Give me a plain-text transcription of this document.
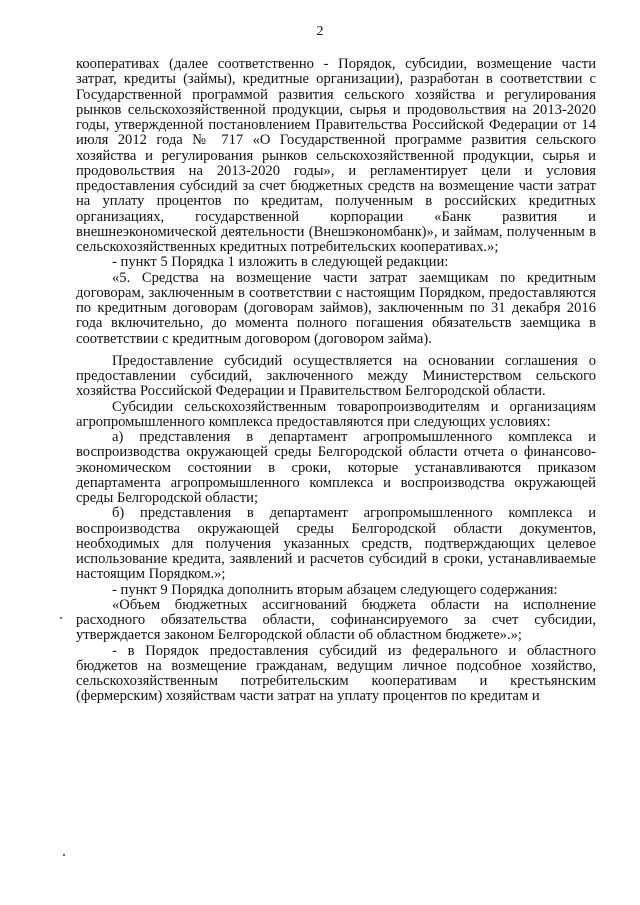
2

кооперативах (далее соответственно - Порядок, субсидии, возмещение части затрат, кредиты (займы), кредитные организации), разработан в соответствии с Государственной программой развития сельского хозяйства и регулирования рынков сельскохозяйственной продукции, сырья и продовольствия на 2013-2020 годы, утвержденной постановлением Правительства Российской Федерации от 14 июля 2012 года № 717 «О Государственной программе развития сельского хозяйства и регулирования рынков сельскохозяйственной продукции, сырья и продовольствия на 2013-2020 годы», и регламентирует цели и условия предоставления субсидий за счет бюджетных средств на возмещение части затрат на уплату процентов по кредитам, полученным в российских кредитных организациях, государственной корпорации «Банк развития и внешнеэкономической деятельности (Внешэкономбанк)», и займам, полученным в сельскохозяйственных кредитных потребительских кооперативах.»;

- пункт 5 Порядка 1 изложить в следующей редакции:

«5. Средства на возмещение части затрат заемщикам по кредитным договорам, заключенным в соответствии с настоящим Порядком, предоставляются по кредитным договорам (договорам займов), заключенным по 31 декабря 2016 года включительно, до момента полного погашения обязательств заемщика в соответствии с кредитным договором (договором займа).

Предоставление субсидий осуществляется на основании соглашения о предоставлении субсидий, заключенного между Министерством сельского хозяйства Российской Федерации и Правительством Белгородской области.

Субсидии сельскохозяйственным товаропроизводителям и организациям агропромышленного комплекса предоставляются при следующих условиях:

а) представления в департамент агропромышленного комплекса и воспроизводства окружающей среды Белгородской области отчета о финансово-экономическом состоянии в сроки, которые устанавливаются приказом департамента агропромышленного комплекса и воспроизводства окружающей среды Белгородской области;

б) представления в департамент агропромышленного комплекса и воспроизводства окружающей среды Белгородской области документов, необходимых для получения указанных средств, подтверждающих целевое использование кредита, заявлений и расчетов субсидий в сроки, устанавливаемые настоящим Порядком.»;

- пункт 9 Порядка дополнить вторым абзацем следующего содержания:

«Объем бюджетных ассигнований бюджета области на исполнение расходного обязательства области, софинансируемого за счет субсидии, утверждается законом Белгородской области об областном бюджете».»;

- в Порядок предоставления субсидий из федерального и областного бюджетов на возмещение гражданам, ведущим личное подсобное хозяйство, сельскохозяйственным потребительским кооперативам и крестьянским (фермерским) хозяйствам части затрат на уплату процентов по кредитам и
